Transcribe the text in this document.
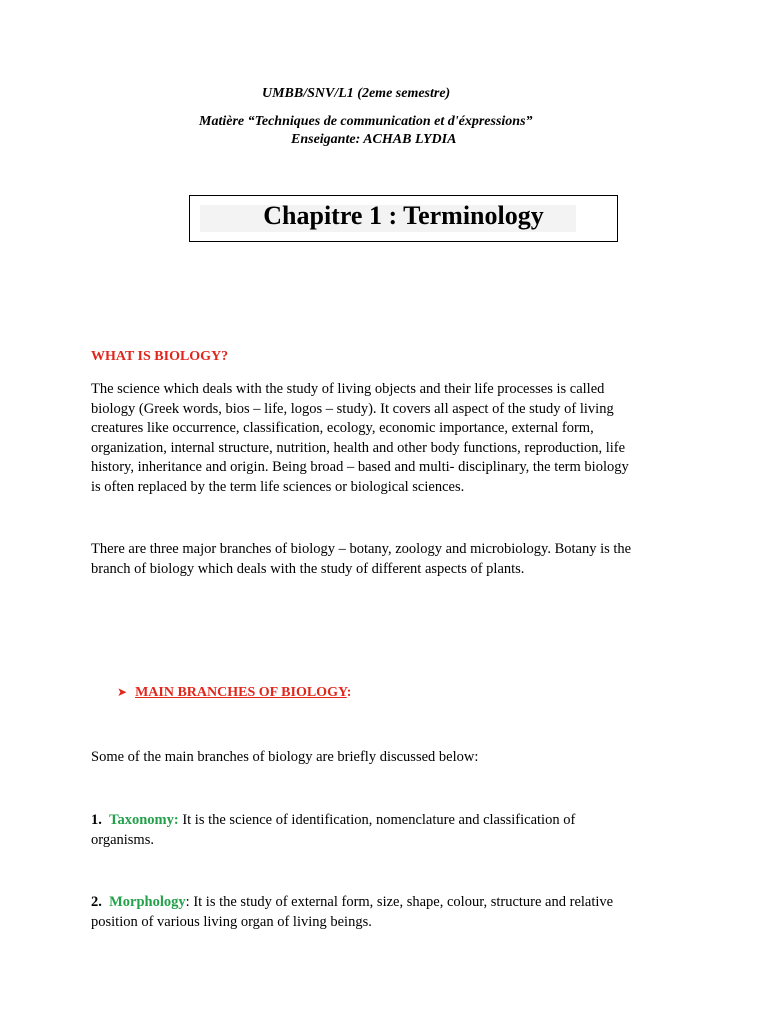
UMBB/SNV/L1 (2eme semestre)
Matière “Techniques de communication et d'éxpressions”
Enseigante: ACHAB LYDIA
Chapitre 1 : Terminology
WHAT IS BIOLOGY?
The science which deals with the study of living objects and their life processes is called
biology (Greek words, bios – life, logos – study). It covers all aspect of the study of living
creatures like occurrence, classification, ecology, economic importance, external form,
organization, internal structure, nutrition, health and other body functions, reproduction, life
history, inheritance and origin. Being broad – based and multi- disciplinary, the term biology
is often replaced by the term life sciences or biological sciences.
There are three major branches of biology – botany, zoology and microbiology. Botany is the
branch of biology which deals with the study of different aspects of plants.
➤ MAIN BRANCHES OF BIOLOGY:
Some of the main branches of biology are briefly discussed below:
1. Taxonomy: It is the science of identification, nomenclature and classification of
organisms.
2. Morphology: It is the study of external form, size, shape, colour, structure and relative
position of various living organ of living beings.
